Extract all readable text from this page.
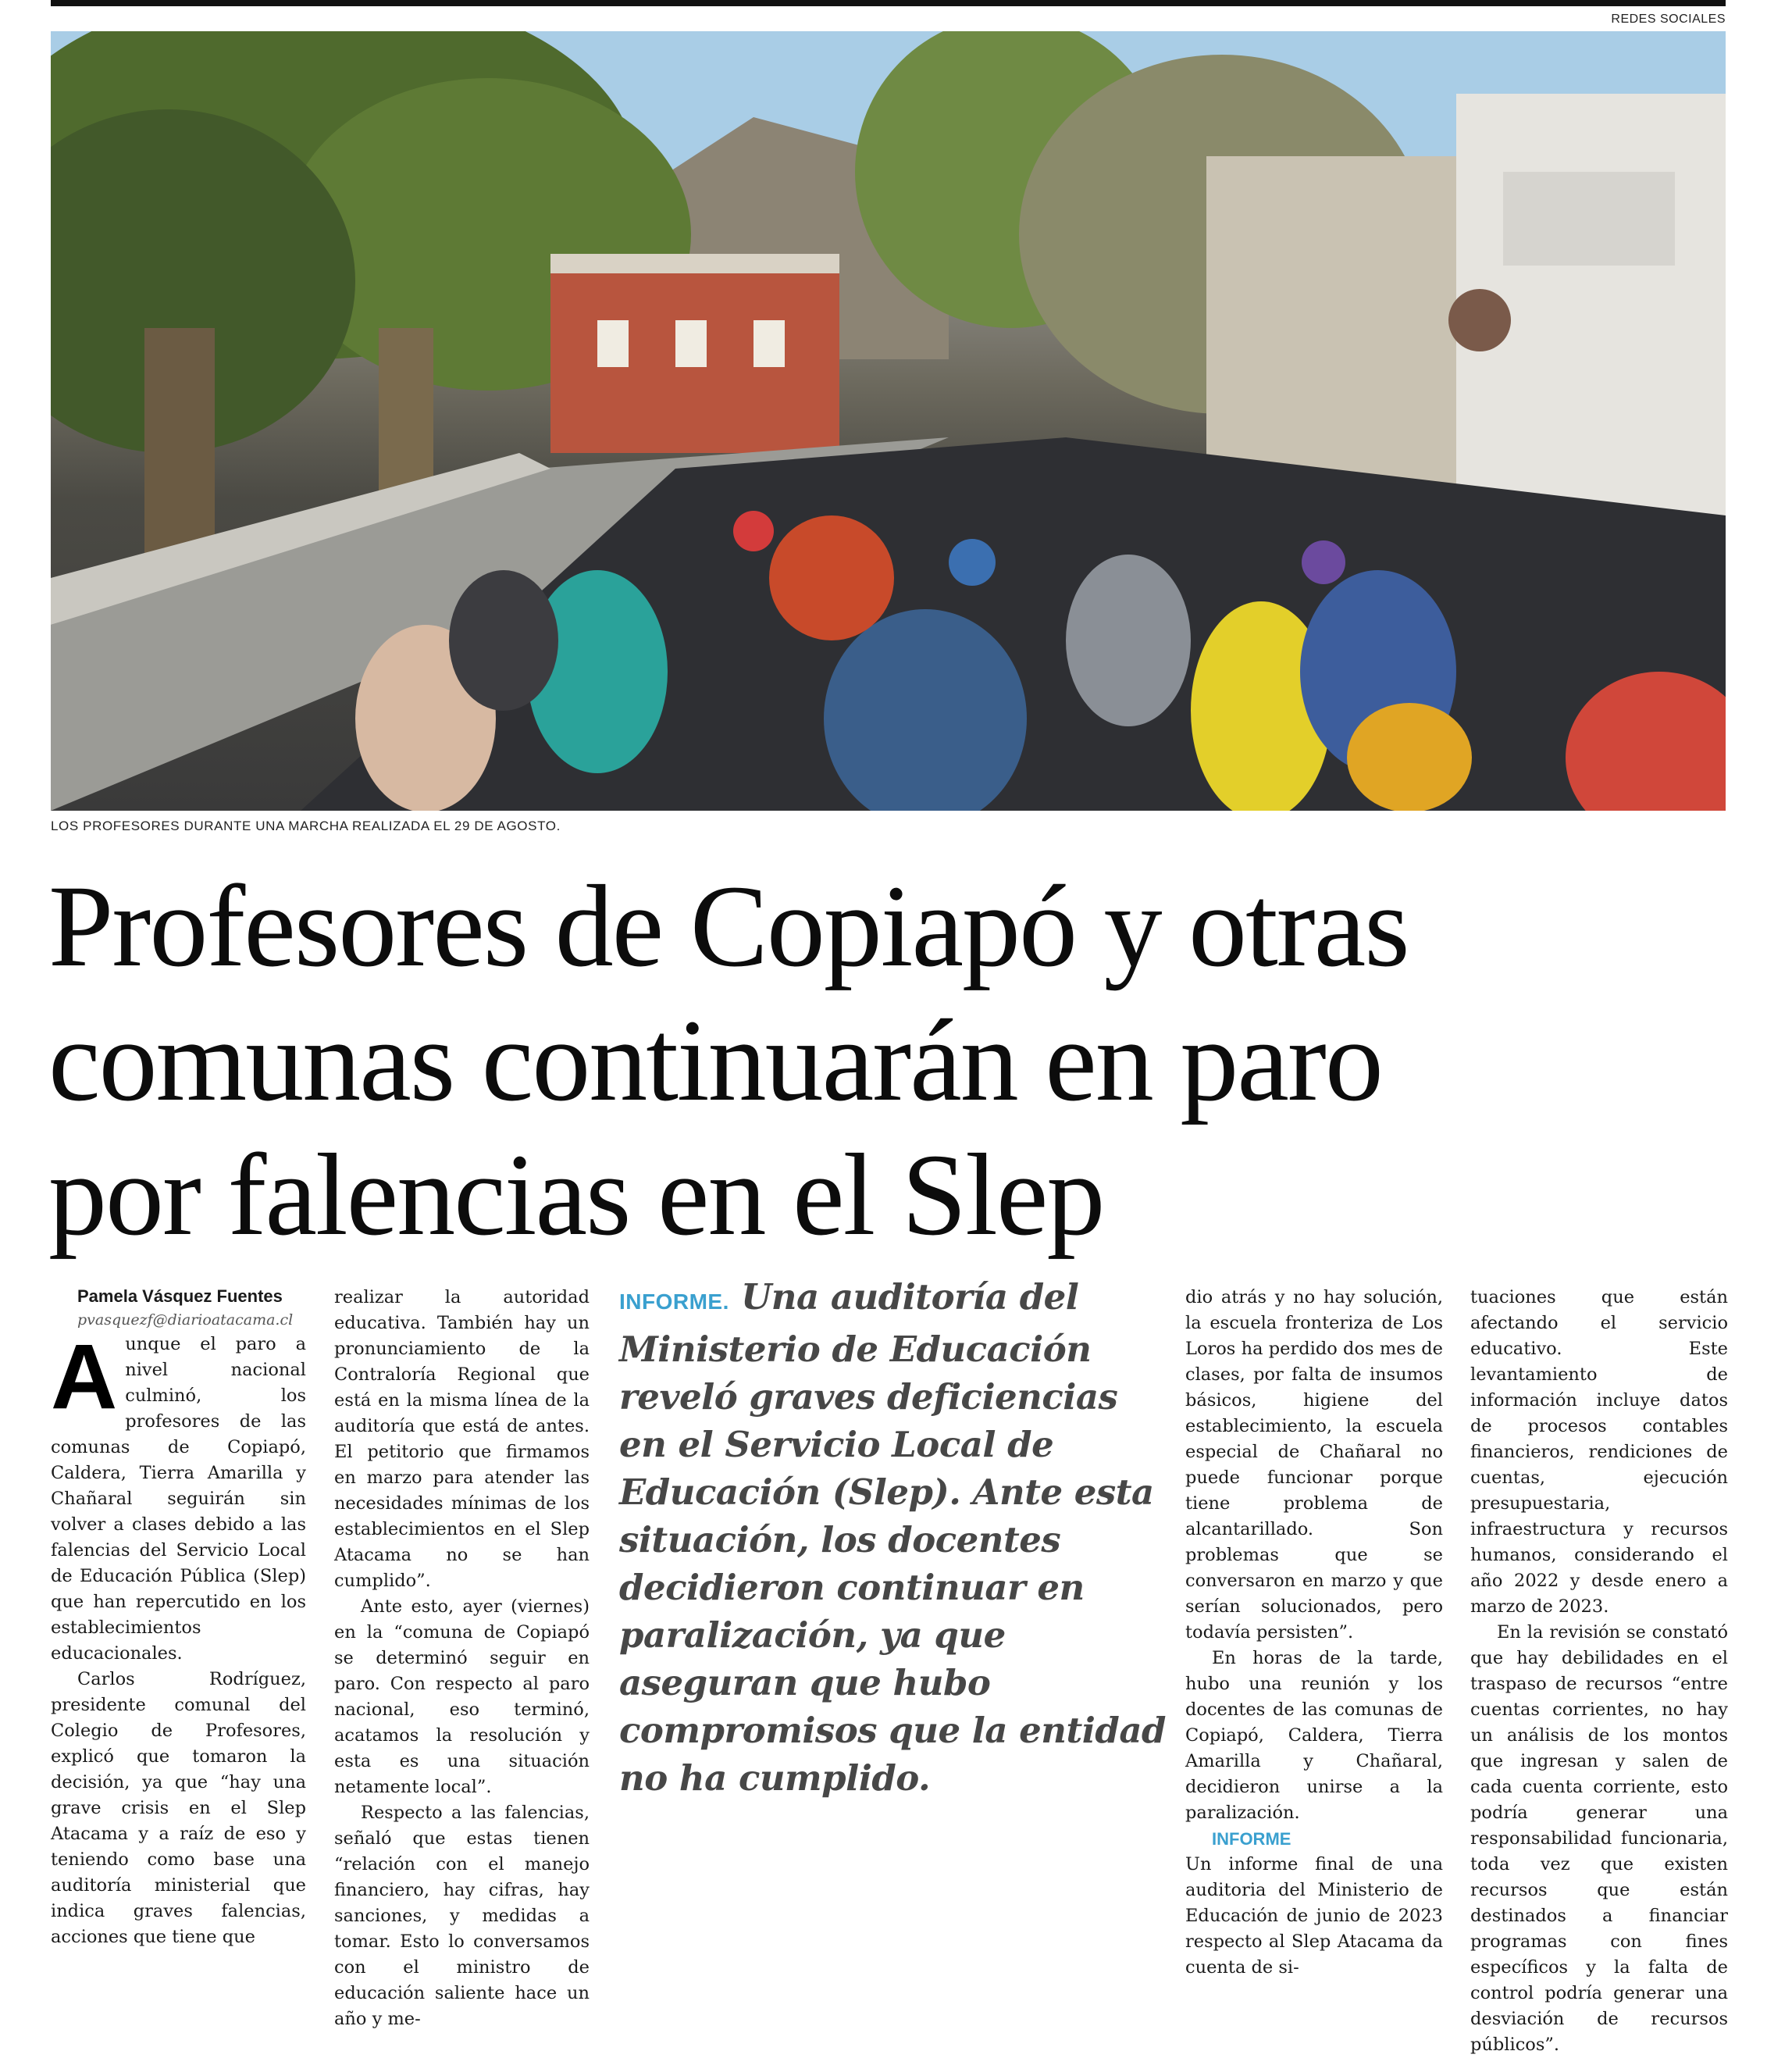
REDES SOCIALES
LOS PROFESORES DURANTE UNA MARCHA REALIZADA EL 29 DE AGOSTO.
Profesores de Copiapó y otras
comunas continuarán en paro
por falencias en el Slep

Pamela Vásquez Fuentes

pvasquezf@diarioatacama.cl

Aunque el paro a nivel nacional culminó, los profesores de las comunas de Copiapó, Caldera, Tierra Amarilla y Chañaral seguirán sin volver a clases debido a las falencias del Servicio Local de Educación Pública (Slep) que han repercutido en los establecimientos educacionales.

Carlos Rodríguez, presidente comunal del Colegio de Profesores, explicó que tomaron la decisión, ya que “hay una grave crisis en el Slep Atacama y a raíz de eso y teniendo como base una auditoría ministerial que indica graves falencias, acciones que tiene que

realizar la autoridad educativa. También hay un pronunciamiento de la Contraloría Regional que está en la misma línea de la auditoría que está de antes. El petitorio que firmamos en marzo para atender las necesidades mínimas de los establecimientos en el Slep Atacama no se han cumplido”.

Ante esto, ayer (viernes) en la “comuna de Copiapó se determinó seguir en paro. Con respecto al paro nacional, eso terminó, acatamos la resolución y esta es una situación netamente local”.

Respecto a las falencias, señaló que estas tienen “relación con el manejo financiero, hay cifras, hay sanciones, y medidas a tomar. Esto lo conversamos con el ministro de educación saliente hace un año y me-

INFORME. Una auditoría del Ministerio de Educación reveló graves deficiencias en el Servicio Local de Educación (Slep). Ante esta situación, los docentes decidieron continuar en paralización, ya que aseguran que hubo compromisos que la entidad no ha cumplido.

dio atrás y no hay solución, la escuela fronteriza de Los Loros ha perdido dos mes de clases, por falta de insumos básicos, higiene del establecimiento, la escuela especial de Chañaral no puede funcionar porque tiene problema de alcantarillado. Son problemas que se conversaron en marzo y que serían solucionados, pero todavía persisten”.

En horas de la tarde, hubo una reunión y los docentes de las comunas de Copiapó, Caldera, Tierra Amarilla y Chañaral, decidieron unirse a la paralización.

INFORME

Un informe final de una auditoria del Ministerio de Educación de junio de 2023 respecto al Slep Atacama da cuenta de si-

tuaciones que están afectando el servicio educativo. Este levantamiento de información incluye datos de procesos contables financieros, rendiciones de cuentas, ejecución presupuestaria, infraestructura y recursos humanos, considerando el año 2022 y desde enero a marzo de 2023.

En la revisión se constató que hay debilidades en el traspaso de recursos “entre cuentas corrientes, no hay un análisis de los montos que ingresan y salen de cada cuenta corriente, esto podría generar una responsabilidad funcionaria, toda vez que existen recursos que están destinados a financiar programas con fines específicos y la falta de control podría generar una desviación de recursos públicos”.
